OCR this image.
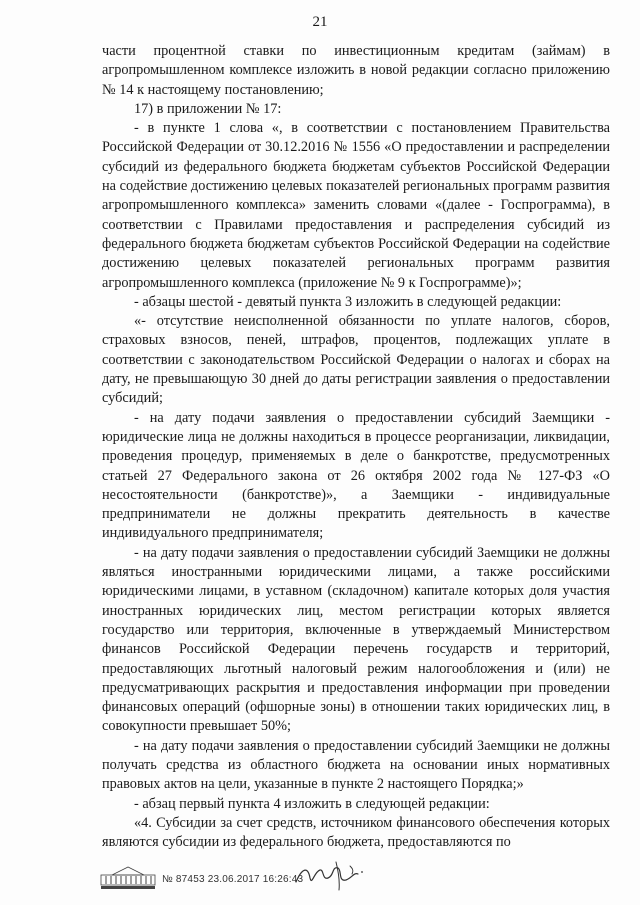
21

части процентной ставки по инвестиционным кредитам (займам) в агропромышленном комплексе изложить в новой редакции согласно приложению № 14 к настоящему постановлению;

17) в приложении № 17:

- в пункте 1 слова «, в соответствии с постановлением Правительства Российской Федерации от 30.12.2016 № 1556 «О предоставлении и распределении субсидий из федерального бюджета бюджетам субъектов Российской Федерации на содействие достижению целевых показателей региональных программ развития агропромышленного комплекса» заменить словами «(далее - Госпрограмма), в соответствии с Правилами предоставления и распределения субсидий из федерального бюджета бюджетам субъектов Российской Федерации на содействие достижению целевых показателей региональных программ развития агропромышленного комплекса (приложение № 9 к Госпрограмме)»;

- абзацы шестой - девятый пункта 3 изложить в следующей редакции:

«- отсутствие неисполненной обязанности по уплате налогов, сборов, страховых взносов, пеней, штрафов, процентов, подлежащих уплате в соответствии с законодательством Российской Федерации о налогах и сборах на дату, не превышающую 30 дней до даты регистрации заявления о предоставлении субсидий;

- на дату подачи заявления о предоставлении субсидий Заемщики - юридические лица не должны находиться в процессе реорганизации, ликвидации, проведения процедур, применяемых в деле о банкротстве, предусмотренных статьей 27 Федерального закона от 26 октября 2002 года № 127-ФЗ «О несостоятельности (банкротстве)», а Заемщики - индивидуальные предприниматели не должны прекратить деятельность в качестве индивидуального предпринимателя;

- на дату подачи заявления о предоставлении субсидий Заемщики не должны являться иностранными юридическими лицами, а также российскими юридическими лицами, в уставном (складочном) капитале которых доля участия иностранных юридических лиц, местом регистрации которых является государство или территория, включенные в утверждаемый Министерством финансов Российской Федерации перечень государств и территорий, предоставляющих льготный налоговый режим налогообложения и (или) не предусматривающих раскрытия и предоставления информации при проведении финансовых операций (офшорные зоны) в отношении таких юридических лиц, в совокупности превышает 50%;

- на дату подачи заявления о предоставлении субсидий Заемщики не должны получать средства из областного бюджета на основании иных нормативных правовых актов на цели, указанные в пункте 2 настоящего Порядка;»

- абзац первый пункта 4 изложить в следующей редакции:

«4. Субсидии за счет средств, источником финансового обеспечения которых являются субсидии из федерального бюджета, предоставляются по

№ 87453 23.06.2017 16:26:43
